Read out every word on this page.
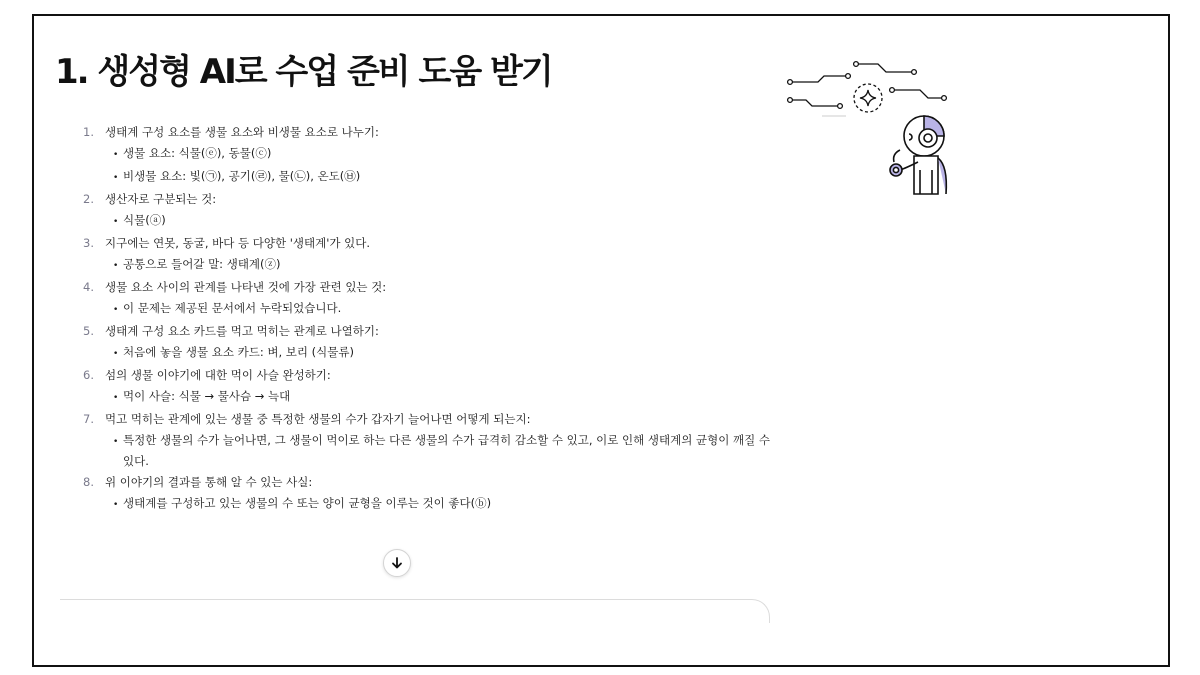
1. 생성형 AI로 수업 준비 도움 받기
1. 생태계 구성 요소를 생물 요소와 비생물 요소로 나누기:
• 생물 요소: 식물(ⓔ), 동물(ⓒ)
• 비생물 요소: 빛(㉠), 공기(㉣), 물(㉡), 온도(㉥)
2. 생산자로 구분되는 것:
• 식물(ⓐ)
3. 지구에는 연못, 동굴, 바다 등 다양한 '생태계'가 있다.
• 공통으로 들어갈 말: 생태계(ⓩ)
4. 생물 요소 사이의 관계를 나타낸 것에 가장 관련 있는 것:
• 이 문제는 제공된 문서에서 누락되었습니다.
5. 생태계 구성 요소 카드를 먹고 먹히는 관계로 나열하기:
• 처음에 놓을 생물 요소 카드: 벼, 보리 (식물류)
6. 섬의 생물 이야기에 대한 먹이 사슬 완성하기:
• 먹이 사슬: 식물 → 물사슴 → 늑대
7. 먹고 먹히는 관계에 있는 생물 중 특정한 생물의 수가 갑자기 늘어나면 어떻게 되는지:
• 특정한 생물의 수가 늘어나면, 그 생물이 먹이로 하는 다른 생물의 수가 급격히 감소할 수 있고, 이로 인해 생태계의 균형이 깨질 수 있다.
8. 위 이야기의 결과를 통해 알 수 있는 사실:
• 생태계를 구성하고 있는 생물의 수 또는 양이 균형을 이루는 것이 좋다(ⓑ)
